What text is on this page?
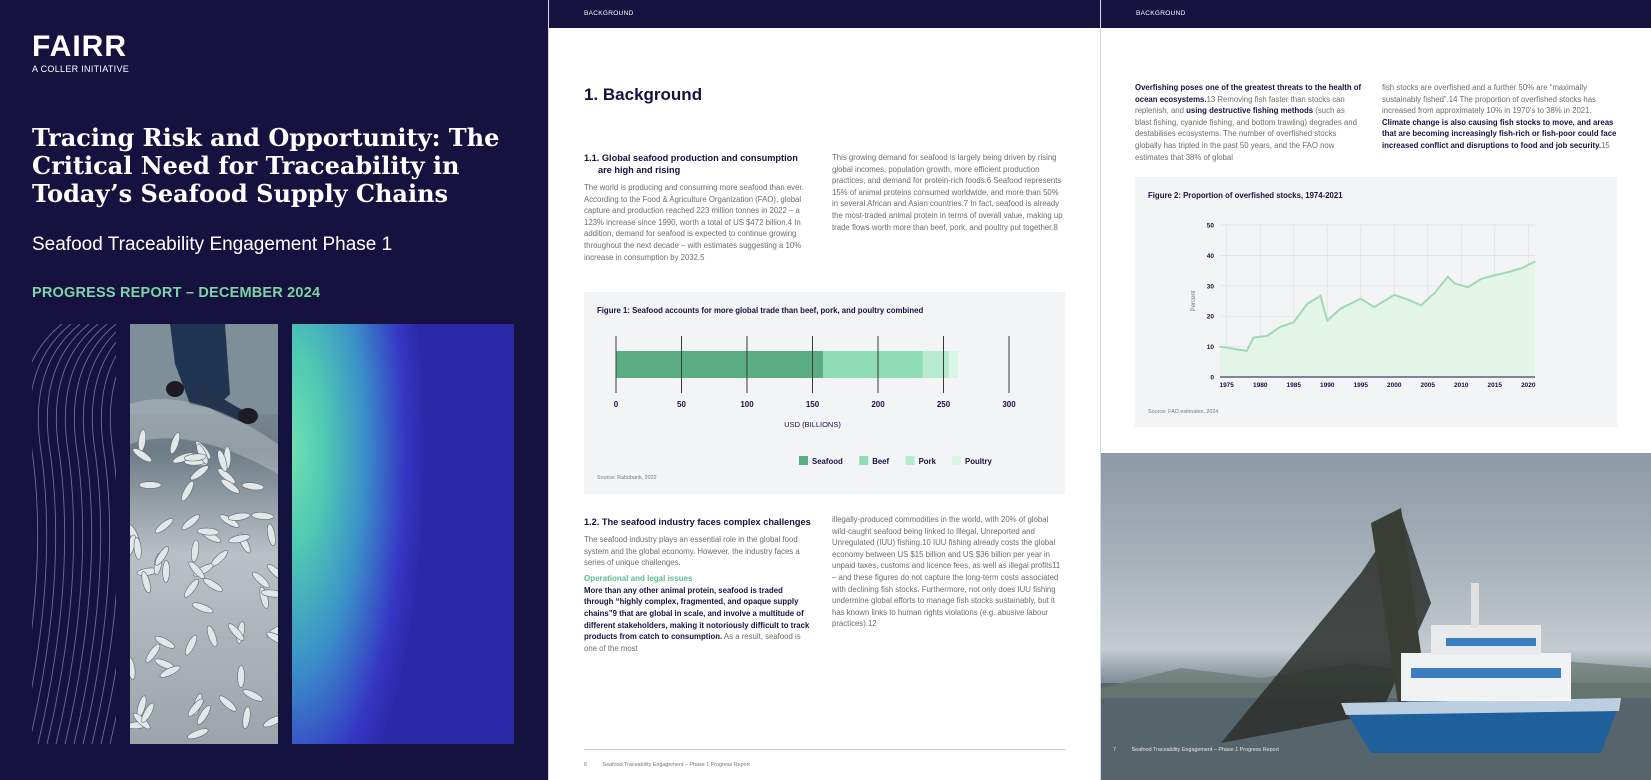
FAIRR
A COLLER INITIATIVE
Tracing Risk and Opportunity: The Critical Need for Traceability in Today’s Seafood Supply Chains
Seafood Traceability Engagement Phase 1
PROGRESS REPORT – DECEMBER 2024
BACKGROUND
1. Background
1.1. Global seafood production and consumption are high and rising
The world is producing and consuming more seafood than ever. According to the Food & Agriculture Organization (FAO), global capture and production reached 223 million tonnes in 2022 – a 123% increase since 1990, worth a total of US $472 billion.4 In addition, demand for seafood is expected to continue growing throughout the next decade – with estimates suggesting a 10% increase in consumption by 2032.5
This growing demand for seafood is largely being driven by rising global incomes, population growth, more efficient production practices, and demand for protein-rich foods.6 Seafood represents 15% of animal proteins consumed worldwide, and more than 50% in several African and Asian countries.7 In fact, seafood is already the most-traded animal protein in terms of overall value, making up trade flows worth more than beef, pork, and poultry put together.8
Figure 1: Seafood accounts for more global trade than beef, pork, and poultry combined
0	50	100	150	200	250	300
USD (BILLIONS)
Seafood	Beef	Pork	Poultry
Source: Rabobank, 2022
1.2. The seafood industry faces complex challenges
The seafood industry plays an essential role in the global food system and the global economy. However, the industry faces a series of unique challenges.
Operational and legal issues
More than any other animal protein, seafood is traded through “highly complex, fragmented, and opaque supply chains”9 that are global in scale, and involve a multitude of different stakeholders, making it notoriously difficult to track products from catch to consumption. As a result, seafood is one of the most
illegally-produced commodities in the world, with 20% of global wild-caught seafood being linked to Illegal, Unreported and Unregulated (IUU) fishing.10 IUU fishing already costs the global economy between US $15 billion and US $36 billion per year in unpaid taxes, customs and licence fees, as well as illegal profits11 – and these figures do not capture the long-term costs associated with declining fish stocks. Furthermore, not only does IUU fishing undermine global efforts to manage fish stocks sustainably, but it has known links to human rights violations (e.g. abusive labour practices).12
6	Seafood Traceability Engagement – Phase 1 Progress Report
BACKGROUND
Overfishing poses one of the greatest threats to the health of ocean ecosystems.13 Removing fish faster than stocks can replenish, and using destructive fishing methods (such as blast fishing, cyanide fishing, and bottom trawling) degrades and destabilises ecosystems. The number of overfished stocks globally has tripled in the past 50 years, and the FAO now estimates that 38% of global
fish stocks are overfished and a further 50% are “maximally sustainably fished”.14 The proportion of overfished stocks has increased from approximately 10% in 1970’s to 38% in 2021. Climate change is also causing fish stocks to move, and areas that are becoming increasingly fish-rich or fish-poor could face increased conflict and disruptions to food and job security.15
Figure 2: Proportion of overfished stocks, 1974-2021
0
10
20
30
40
50
1975	1980	1985	1990	1995	2000	2005	2010	2015	2020
Percent
Source: FAO estimates, 2024
7	Seafood Traceability Engagement – Phase 1 Progress Report
